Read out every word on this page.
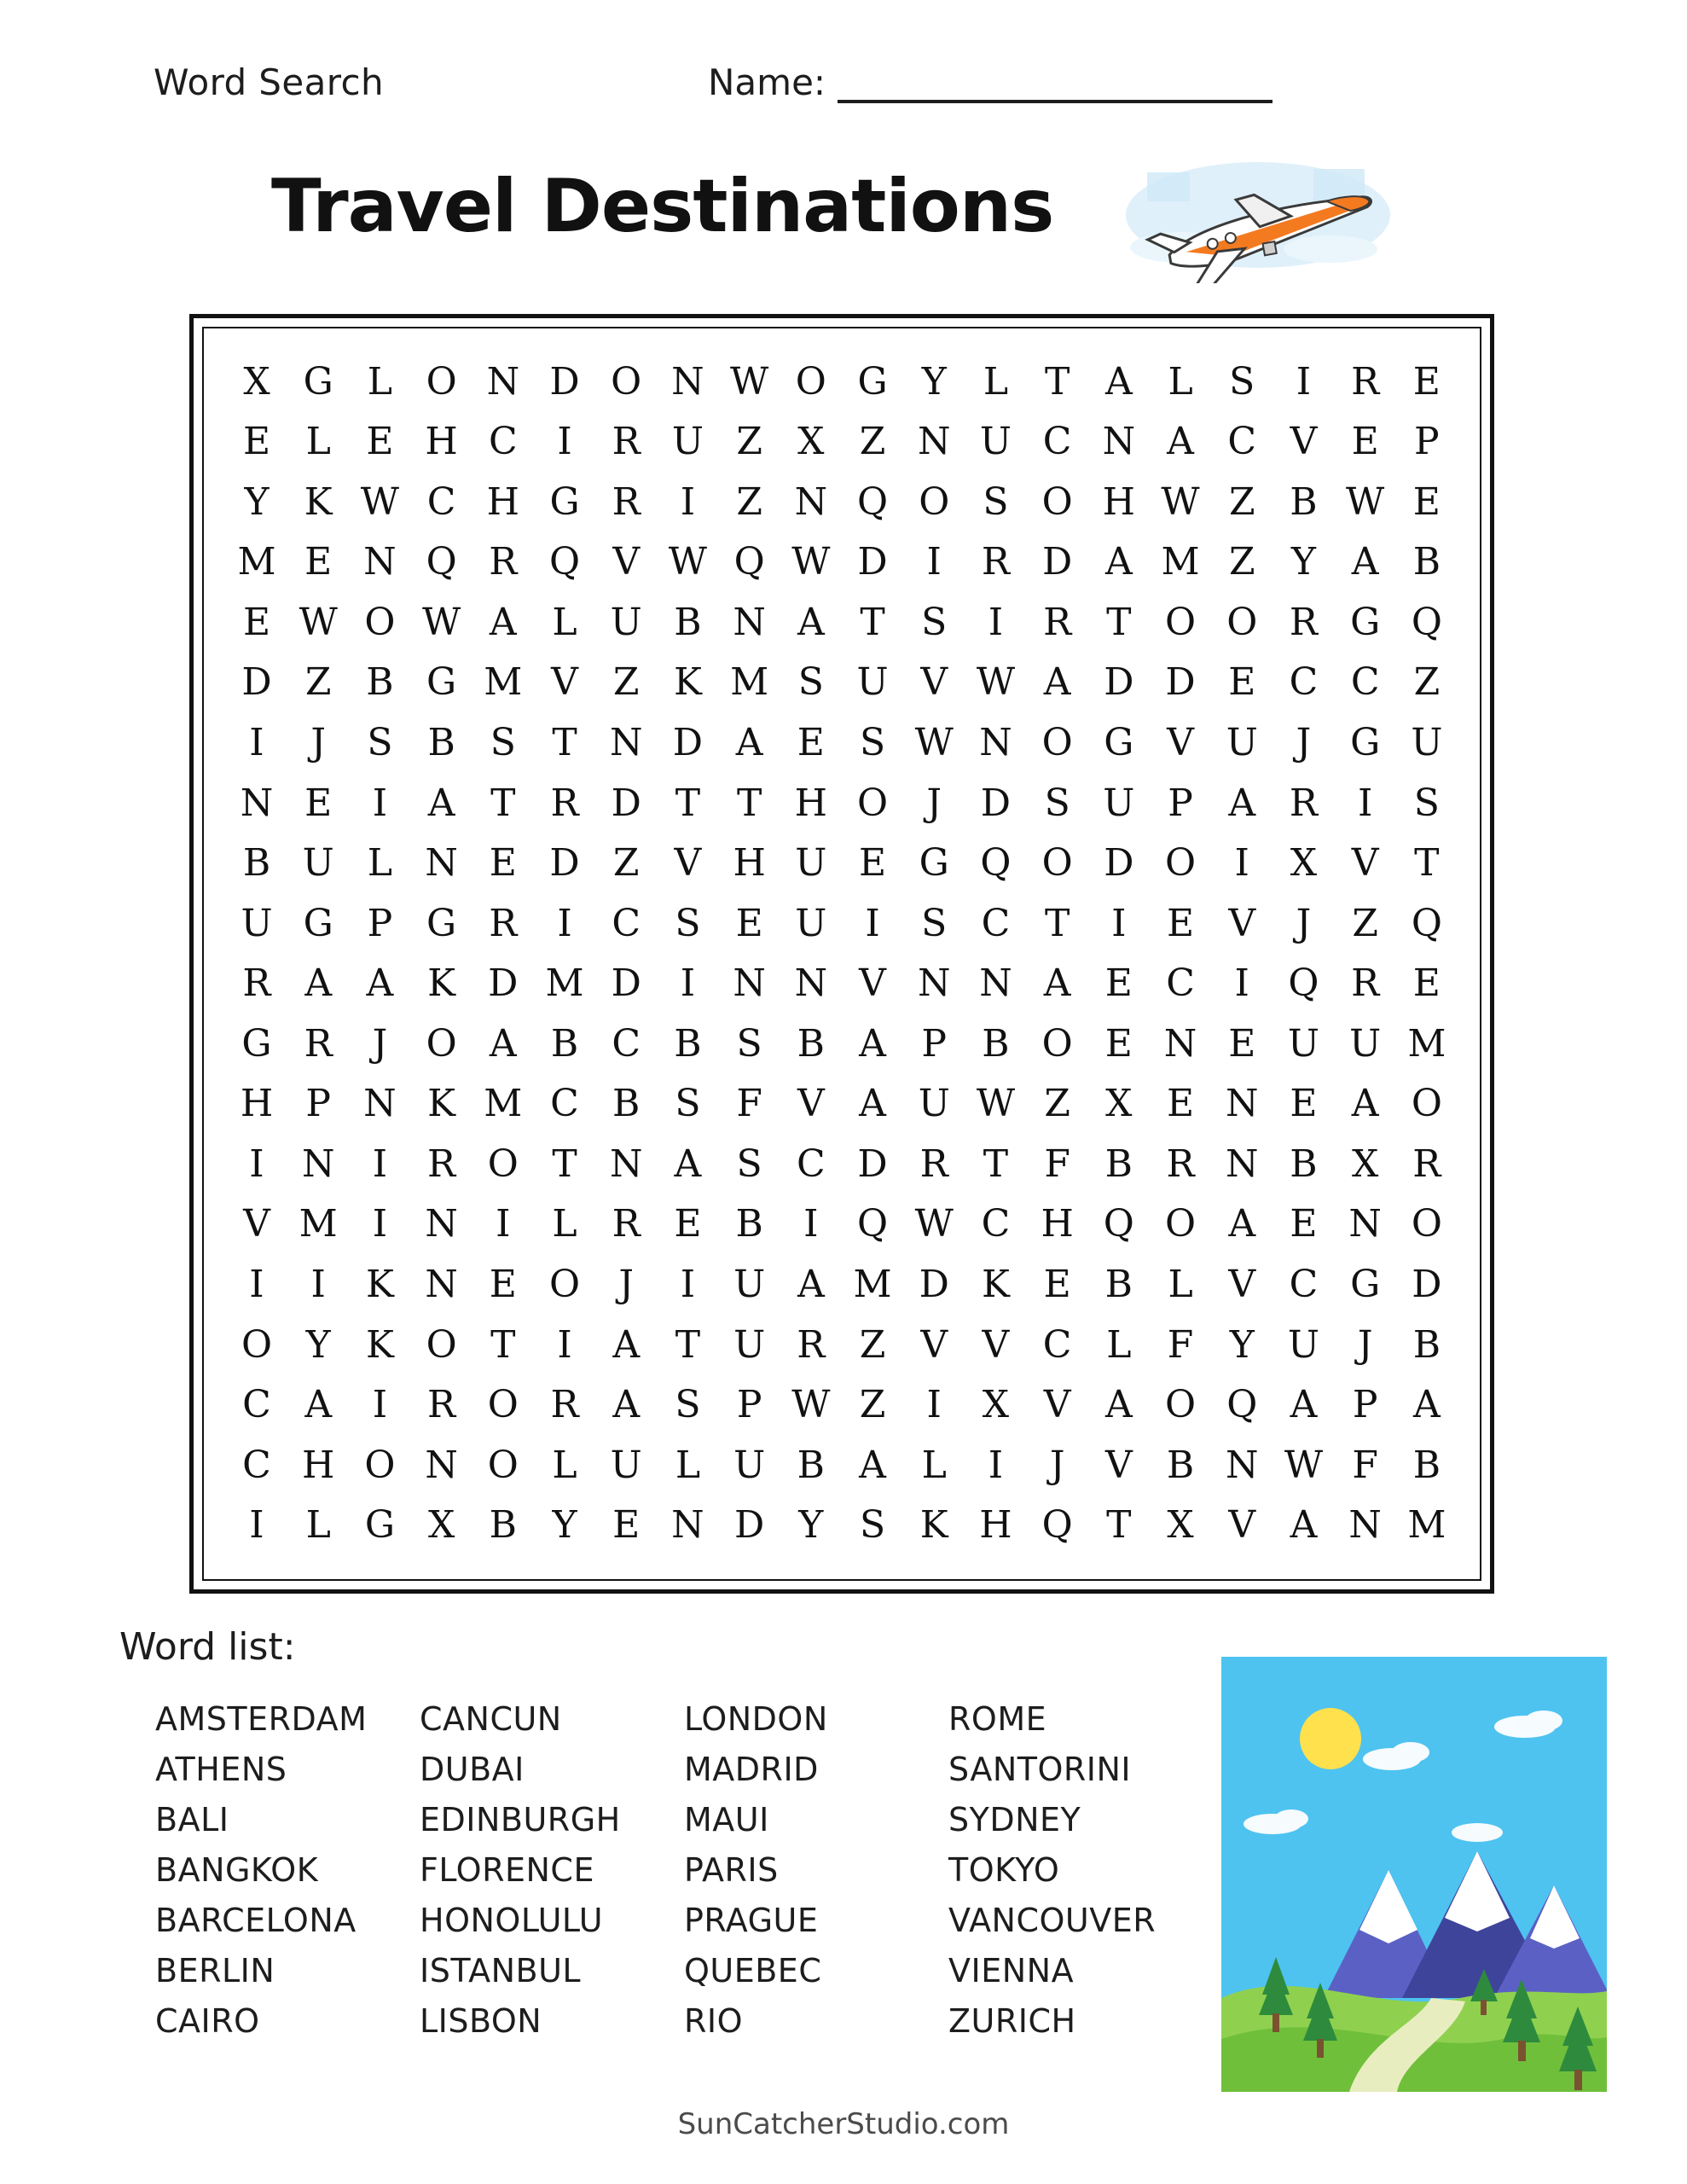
Word Search	Name:
Travel Destinations
X G L O N D O N W O G Y L T A L S	I	R E
E L E H C	I	R U Z X Z N U C N A C V E P
Y K W C H G R	I	Z N Q O S O H W Z B W E
M E N Q R Q V W Q W D	I	R D A M Z Y A B
E W O W A L U B N A T S	I	R T O O R G Q
D Z B G M V Z K M S U V W A D D E C C Z
I	J	S B S T N D A E S W N O G V U	J	G U
N E	I	A T R D T T H O	J	D S U P A R	I	S
B U L N E D Z V H U E G Q O D O	I	X V T
U G P G R	I	C S E U	I	S C T	I	E V	J	Z Q
R A A K D M D	I	N N V N N A E C	I	Q R E
G R	J	O A B C B S B A P B O E N E U U M
H P N K M C B S F V A U W Z X E N E A O
I	N	I	R O T N A S C D R T F B R N B X R
V M I	N	I	L R E B	I	Q W C H Q O A E N O
I	I	K N E O	J	I	U A M D K E B L V C G D
O Y K O T	I	A T U R Z V V C L F Y U	J	B
C A	I	R O R A S P W Z	I	X V A O Q A P A
C H O N O L U L U B A L	I	J	V B N W F B
I	L G X B Y E N D Y S K H Q T X V A N M
Word list:
AMSTERDAM
ATHENS
BALI
BANGKOK
BARCELONA
BERLIN
CAIRO
CANCUN
DUBAI
EDINBURGH
FLORENCE
HONOLULU
ISTANBUL
LISBON
LONDON
MADRID
MAUI
PARIS
PRAGUE
QUEBEC
RIO
ROME
SANTORINI
SYDNEY
TOKYO
VANCOUVER
VIENNA
ZURICH
SunCatcherStudio.com
